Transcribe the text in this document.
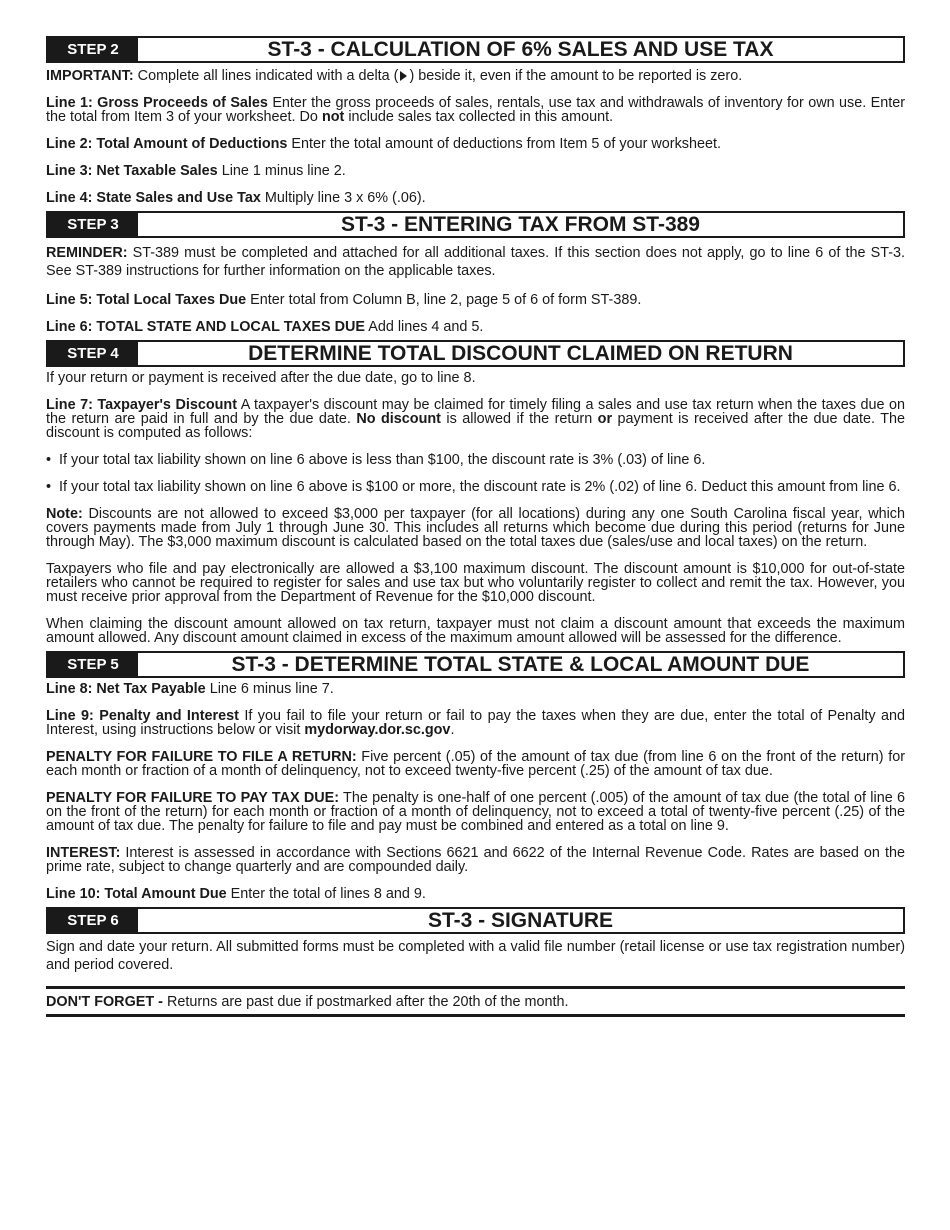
STEP 2	ST-3 - CALCULATION OF 6% SALES AND USE TAX

IMPORTANT: Complete all lines indicated with a delta ( ) beside it, even if the amount to be reported is zero.

Line 1: Gross Proceeds of Sales Enter the gross proceeds of sales, rentals, use tax and withdrawals of inventory for own use. Enter the total from Item 3 of your worksheet. Do not include sales tax collected in this amount.

Line 2: Total Amount of Deductions Enter the total amount of deductions from Item 5 of your worksheet.

Line 3: Net Taxable Sales Line 1 minus line 2.

Line 4: State Sales and Use Tax Multiply line 3 x 6% (.06).

STEP 3	ST-3 - ENTERING TAX FROM ST-389

REMINDER: ST-389 must be completed and attached for all additional taxes. If this section does not apply, go to line 6 of the ST-3. See ST-389 instructions for further information on the applicable taxes.

Line 5: Total Local Taxes Due Enter total from Column B, line 2, page 5 of 6 of form ST-389.

Line 6: TOTAL STATE AND LOCAL TAXES DUE Add lines 4 and 5.

STEP 4	DETERMINE TOTAL DISCOUNT CLAIMED ON RETURN

If your return or payment is received after the due date, go to line 8.

Line 7: Taxpayer's Discount A taxpayer's discount may be claimed for timely filing a sales and use tax return when the taxes due on the return are paid in full and by the due date. No discount is allowed if the return or payment is received after the due date. The discount is computed as follows:

• If your total tax liability shown on line 6 above is less than $100, the discount rate is 3% (.03) of line 6.

• If your total tax liability shown on line 6 above is $100 or more, the discount rate is 2% (.02) of line 6. Deduct this amount from line 6.

Note: Discounts are not allowed to exceed $3,000 per taxpayer (for all locations) during any one South Carolina fiscal year, which covers payments made from July 1 through June 30. This includes all returns which become due during this period (returns for June through May). The $3,000 maximum discount is calculated based on the total taxes due (sales/use and local taxes) on the return.

Taxpayers who file and pay electronically are allowed a $3,100 maximum discount. The discount amount is $10,000 for out-of-state retailers who cannot be required to register for sales and use tax but who voluntarily register to collect and remit the tax. However, you must receive prior approval from the Department of Revenue for the $10,000 discount.

When claiming the discount amount allowed on tax return, taxpayer must not claim a discount amount that exceeds the maximum amount allowed. Any discount amount claimed in excess of the maximum amount allowed will be assessed for the difference.

STEP 5	ST-3 - DETERMINE TOTAL STATE & LOCAL AMOUNT DUE

Line 8: Net Tax Payable Line 6 minus line 7.

Line 9: Penalty and Interest If you fail to file your return or fail to pay the taxes when they are due, enter the total of Penalty and Interest, using instructions below or visit mydorway.dor.sc.gov.

PENALTY FOR FAILURE TO FILE A RETURN: Five percent (.05) of the amount of tax due (from line 6 on the front of the return) for each month or fraction of a month of delinquency, not to exceed twenty-five percent (.25) of the amount of tax due.

PENALTY FOR FAILURE TO PAY TAX DUE: The penalty is one-half of one percent (.005) of the amount of tax due (the total of line 6 on the front of the return) for each month or fraction of a month of delinquency, not to exceed a total of twenty-five percent (.25) of the amount of tax due. The penalty for failure to file and pay must be combined and entered as a total on line 9.

INTEREST: Interest is assessed in accordance with Sections 6621 and 6622 of the Internal Revenue Code. Rates are based on the prime rate, subject to change quarterly and are compounded daily.

Line 10: Total Amount Due Enter the total of lines 8 and 9.

STEP 6	ST-3 - SIGNATURE

Sign and date your return. All submitted forms must be completed with a valid file number (retail license or use tax registration number) and period covered.

DON'T FORGET - Returns are past due if postmarked after the 20th of the month.
